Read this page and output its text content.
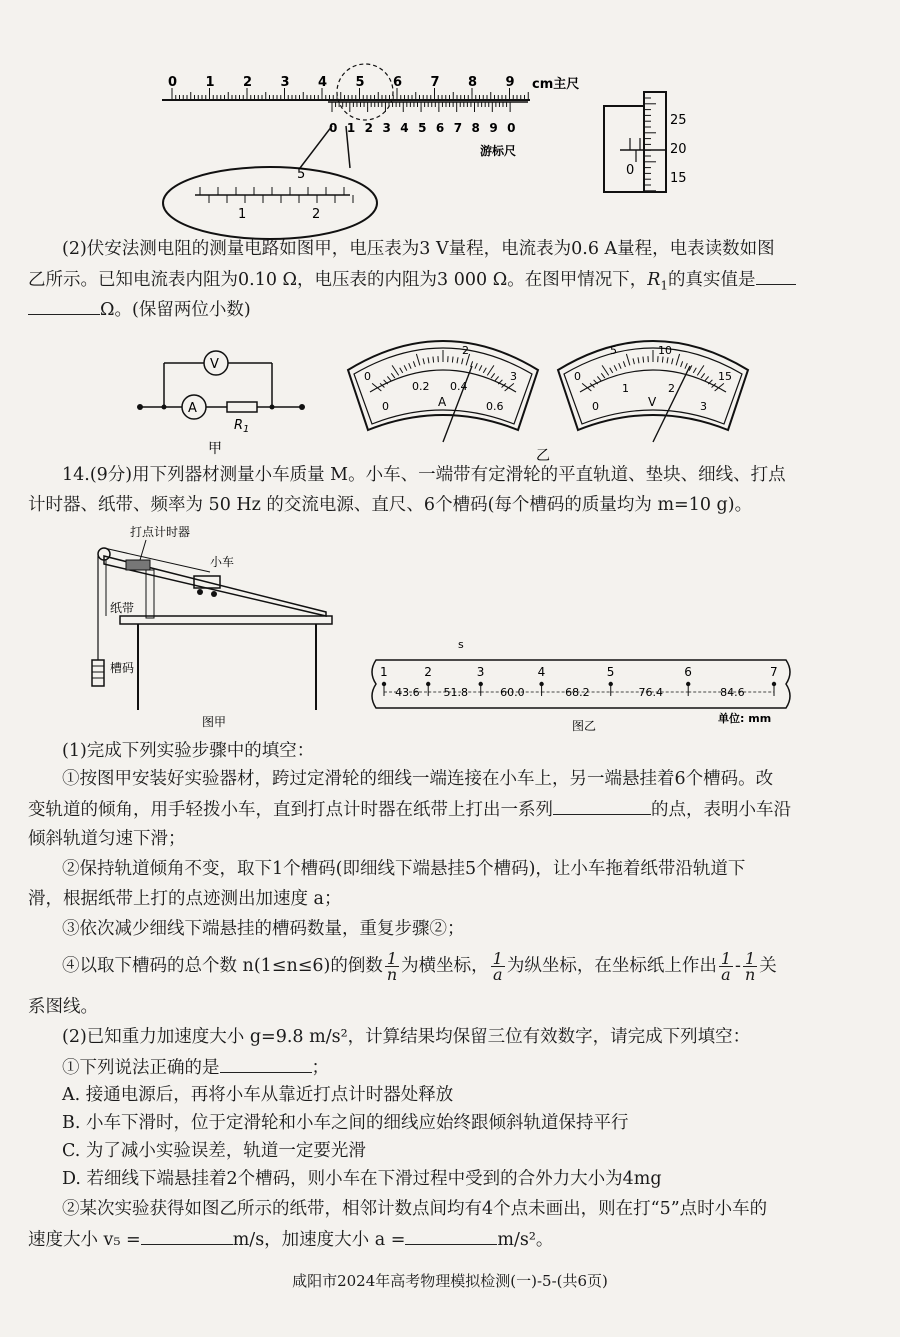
0 1 2 3 4 5 6 7 8 9 cm主尺
0 1 2 3 4 5 6 7 8 9 0
游标尺
5
1	2
0
25
20
15
(2)伏安法测电阻的测量电路如图甲，电压表为3 V量程，电流表为0.6 A量程，电表读数如图
乙所示。已知电流表内阻为0.10 Ω，电压表的内阻为3 000 Ω。在图甲情况下，$R_1$的真实值是
Ω。(保留两位小数)
A
V
$R_1$
甲
0
2
3
0.2 0.4
0	0.6
A
0
5	10
15
1	2
0	3
V
乙
14.(9分)用下列器材测量小车质量 M。小车、一端带有定滑轮的平直轨道、垫块、细线、打点
计时器、纸带、频率为 50 Hz 的交流电源、直尺、6个槽码(每个槽码的质量均为 m=10 g)。
打点计时器
小车
纸带
槽码
图甲
s
1	2	3	4	5	6	7
43.6 51.8	60.0	68.2	76.4	84.6
单位: mm
图乙
(1)完成下列实验步骤中的填空：
①按图甲安装好实验器材，跨过定滑轮的细线一端连接在小车上，另一端悬挂着6个槽码。改
变轨道的倾角，用手轻拨小车，直到打点计时器在纸带上打出一系列	的点，表明小车沿
倾斜轨道匀速下滑；
②保持轨道倾角不变，取下1个槽码(即细线下端悬挂5个槽码)，让小车拖着纸带沿轨道下
滑，根据纸带上打的点迹测出加速度 a；
③依次减少细线下端悬挂的槽码数量，重复步骤②；
④以取下槽码的总个数 n(1≤n≤6)的倒数 $\frac{1}{n}$ 为横坐标， $\frac{1}{a}$ 为纵坐标，在坐标纸上作出 $\frac{1}{a} - \frac{1}{n}$ 关
系图线。
(2)已知重力加速度大小 g=9.8 m/s²，计算结果均保留三位有效数字，请完成下列填空：
①下列说法正确的是	；
A. 接通电源后，再将小车从靠近打点计时器处释放
B. 小车下滑时，位于定滑轮和小车之间的细线应始终跟倾斜轨道保持平行
C. 为了减小实验误差，轨道一定要光滑
D. 若细线下端悬挂着2个槽码，则小车在下滑过程中受到的合外力大小为4mg
②某次实验获得如图乙所示的纸带，相邻计数点间均有4个点未画出，则在打“5”点时小车的
速度大小 v₅ =	m/s，加速度大小 a =	m/s²。
咸阳市2024年高考物理模拟检测(一)-5-(共6页)
